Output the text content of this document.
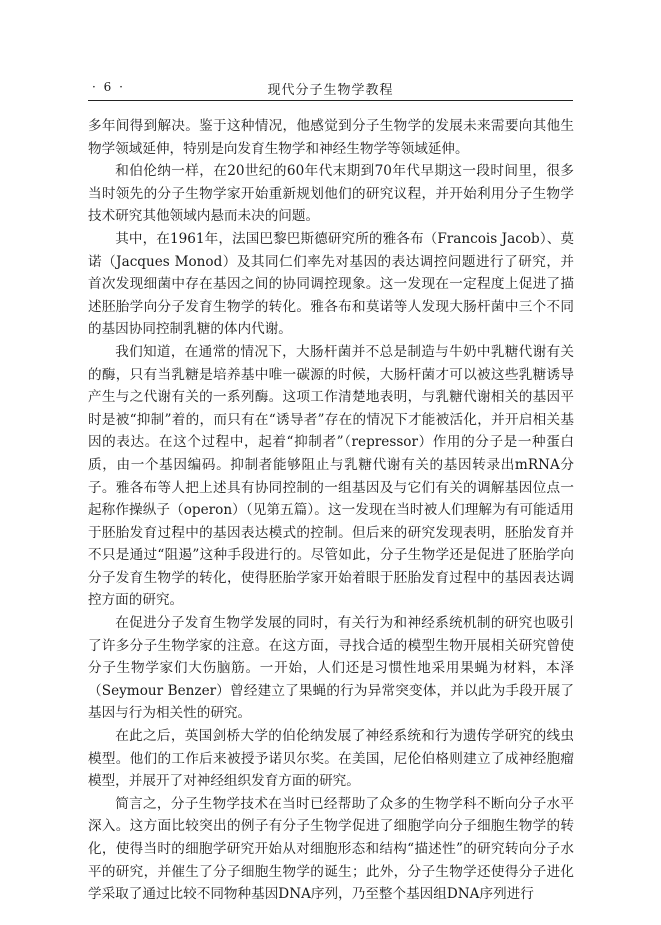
· 6 ·	现代分子生物学教程

多年间得到解决。鉴于这种情况，他感觉到分子生物学的发展未来需要向其他生物学领域延伸，特别是向发育生物学和神经生物学等领域延伸。

和伯伦纳一样，在20世纪的60年代末期到70年代早期这一段时间里，很多当时领先的分子生物学家开始重新规划他们的研究议程，并开始利用分子生物学技术研究其他领域内悬而未决的问题。

其中，在1961年，法国巴黎巴斯德研究所的雅各布（Francois Jacob）、莫诺（Jacques Monod）及其同仁们率先对基因的表达调控问题进行了研究，并首次发现细菌中存在基因之间的协同调控现象。这一发现在一定程度上促进了描述胚胎学向分子发育生物学的转化。雅各布和莫诺等人发现大肠杆菌中三个不同的基因协同控制乳糖的体内代谢。

我们知道，在通常的情况下，大肠杆菌并不总是制造与牛奶中乳糖代谢有关的酶，只有当乳糖是培养基中唯一碳源的时候，大肠杆菌才可以被这些乳糖诱导产生与之代谢有关的一系列酶。这项工作清楚地表明，与乳糖代谢相关的基因平时是被“抑制”着的，而只有在“诱导者”存在的情况下才能被活化，并开启相关基因的表达。在这个过程中，起着“抑制者”（repressor）作用的分子是一种蛋白质，由一个基因编码。抑制者能够阻止与乳糖代谢有关的基因转录出mRNA分子。雅各布等人把上述具有协同控制的一组基因及与它们有关的调解基因位点一起称作操纵子（operon）（见第五篇）。这一发现在当时被人们理解为有可能适用于胚胎发育过程中的基因表达模式的控制。但后来的研究发现表明，胚胎发育并不只是通过“阻遏”这种手段进行的。尽管如此，分子生物学还是促进了胚胎学向分子发育生物学的转化，使得胚胎学家开始着眼于胚胎发育过程中的基因表达调控方面的研究。

在促进分子发育生物学发展的同时，有关行为和神经系统机制的研究也吸引了许多分子生物学家的注意。在这方面，寻找合适的模型生物开展相关研究曾使分子生物学家们大伤脑筋。一开始，人们还是习惯性地采用果蝇为材料，本泽（Seymour Benzer）曾经建立了果蝇的行为异常突变体，并以此为手段开展了基因与行为相关性的研究。

在此之后，英国剑桥大学的伯伦纳发展了神经系统和行为遗传学研究的线虫模型。他们的工作后来被授予诺贝尔奖。在美国，尼伦伯格则建立了成神经胞瘤模型，并展开了对神经组织发育方面的研究。

简言之，分子生物学技术在当时已经帮助了众多的生物学科不断向分子水平深入。这方面比较突出的例子有分子生物学促进了细胞学向分子细胞生物学的转化，使得当时的细胞学研究开始从对细胞形态和结构“描述性”的研究转向分子水平的研究，并催生了分子细胞生物学的诞生；此外，分子生物学还使得分子进化学采取了通过比较不同物种基因DNA序列，乃至整个基因组DNA序列进行
